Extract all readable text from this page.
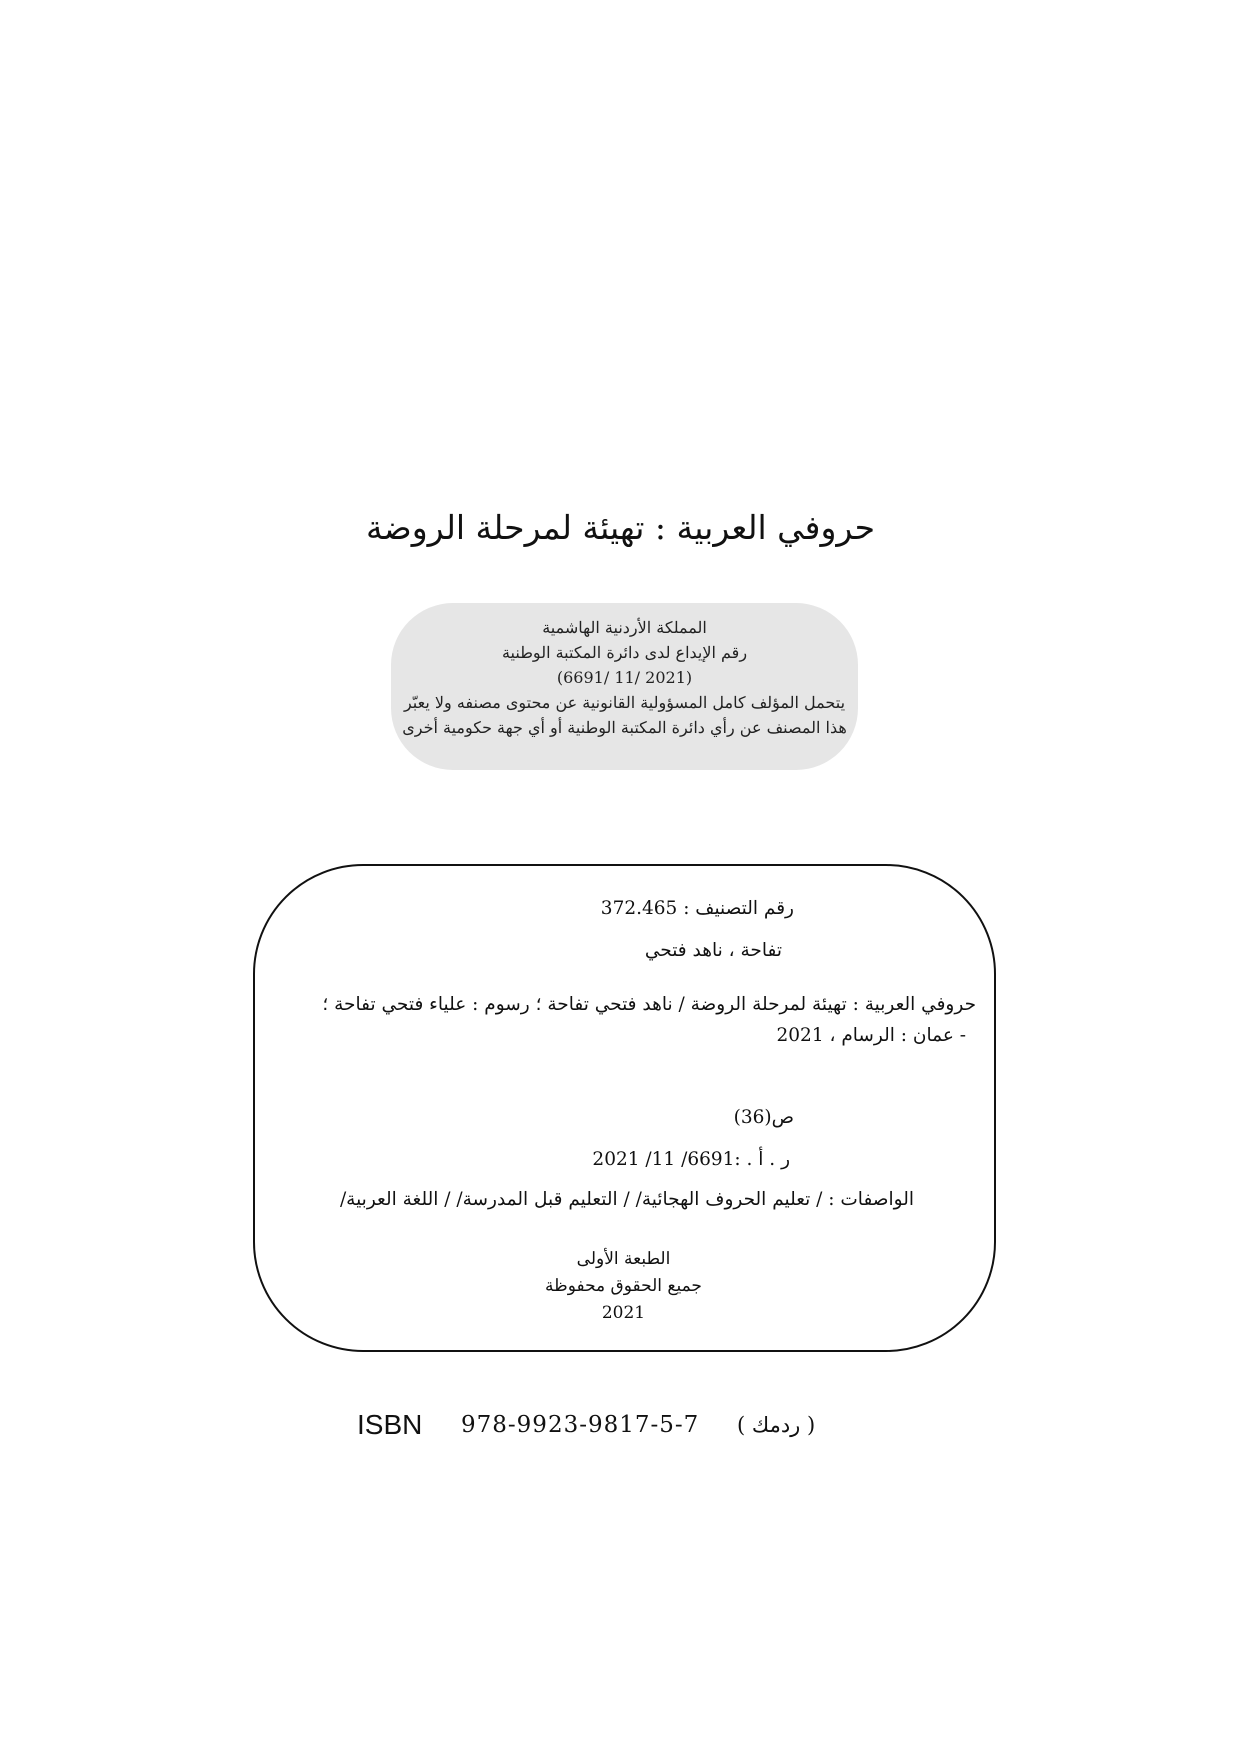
حروفي العربية : تهيئة لمرحلة الروضة
المملكة الأردنية الهاشمية
رقم الإيداع لدى دائرة المكتبة الوطنية
(2021 /11 /6691)
يتحمل المؤلف كامل المسؤولية القانونية عن محتوى مصنفه ولا يعبّر
هذا المصنف عن رأي دائرة المكتبة الوطنية أو أي جهة حكومية أخرى
رقم التصنيف : 372.465
تفاحة ، ناهد فتحي
حروفي العربية : تهيئة لمرحلة الروضة / ناهد فتحي تفاحة ؛ رسوم : علياء فتحي تفاحة ؛
- عمان : الرسام ، 2021
ص(36)
ر . أ . :6691/ 11/ 2021
الواصفات : / تعليم الحروف الهجائية/ / التعليم قبل المدرسة/ / اللغة العربية/
الطبعة الأولى
جميع الحقوق محفوظة
2021
ISBN 978-9923-9817-5-7 ( ردمك )
